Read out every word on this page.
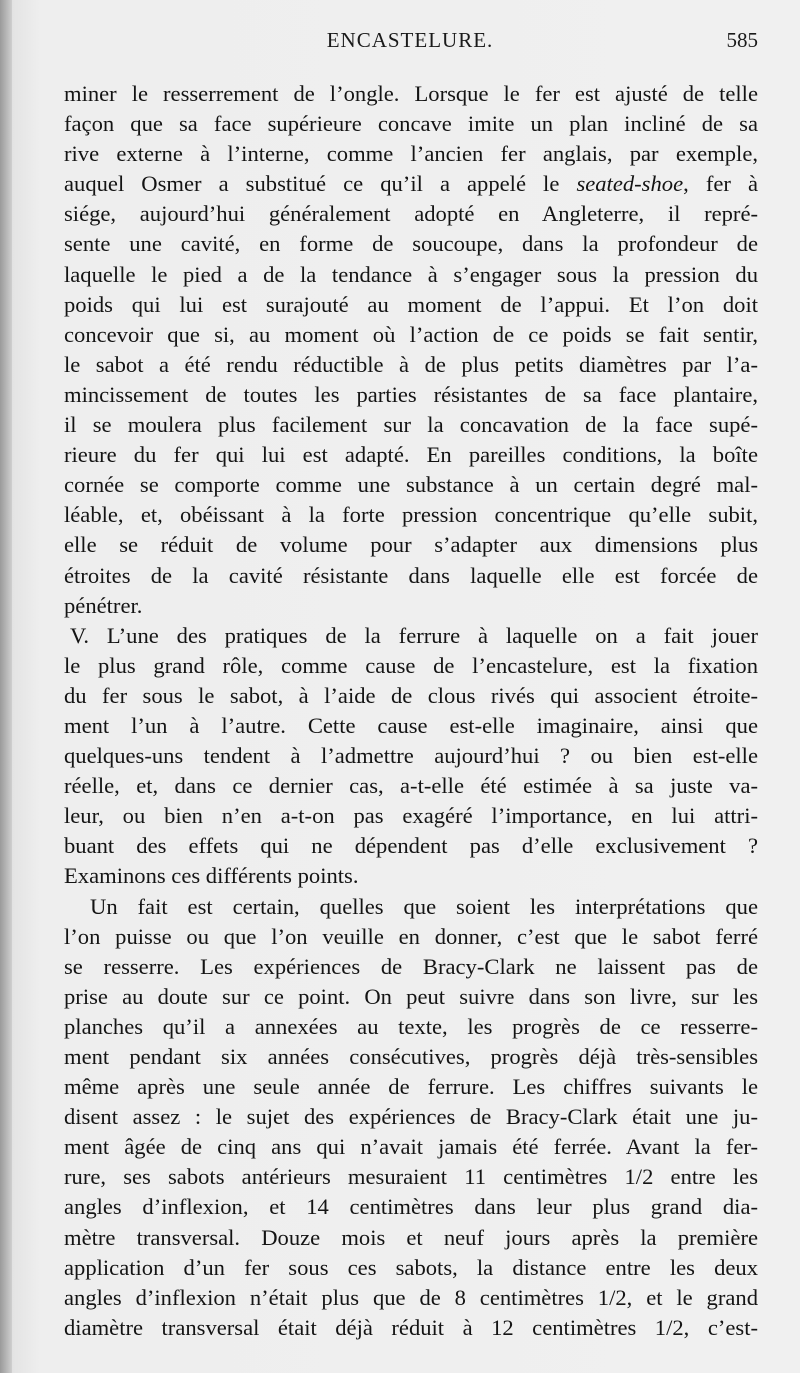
ENCASTELURE.	585
miner le resserrement de l’ongle. Lorsque le fer est ajusté de telle
façon que sa face supérieure concave imite un plan incliné de sa
rive externe à l’interne, comme l’ancien fer anglais, par exemple,
auquel Osmer a substitué ce qu’il a appelé le seated-shoe, fer à
siége, aujourd’hui généralement adopté en Angleterre, il repré-
sente une cavité, en forme de soucoupe, dans la profondeur de
laquelle le pied a de la tendance à s’engager sous la pression du
poids qui lui est surajouté au moment de l’appui. Et l’on doit
concevoir que si, au moment où l’action de ce poids se fait sentir,
le sabot a été rendu réductible à de plus petits diamètres par l’a-
mincissement de toutes les parties résistantes de sa face plantaire,
il se moulera plus facilement sur la concavation de la face supé-
rieure du fer qui lui est adapté. En pareilles conditions, la boîte
cornée se comporte comme une substance à un certain degré mal-
léable, et, obéissant à la forte pression concentrique qu’elle subit,
elle se réduit de volume pour s’adapter aux dimensions plus
étroites de la cavité résistante dans laquelle elle est forcée de
pénétrer.
V. L’une des pratiques de la ferrure à laquelle on a fait jouer
le plus grand rôle, comme cause de l’encastelure, est la fixation
du fer sous le sabot, à l’aide de clous rivés qui associent étroite-
ment l’un à l’autre. Cette cause est-elle imaginaire, ainsi que
quelques-uns tendent à l’admettre aujourd’hui ? ou bien est-elle
réelle, et, dans ce dernier cas, a-t-elle été estimée à sa juste va-
leur, ou bien n’en a-t-on pas exagéré l’importance, en lui attri-
buant des effets qui ne dépendent pas d’elle exclusivement ?
Examinons ces différents points.
Un fait est certain, quelles que soient les interprétations que
l’on puisse ou que l’on veuille en donner, c’est que le sabot ferré
se resserre. Les expériences de Bracy-Clark ne laissent pas de
prise au doute sur ce point. On peut suivre dans son livre, sur les
planches qu’il a annexées au texte, les progrès de ce resserre-
ment pendant six années consécutives, progrès déjà très-sensibles
même après une seule année de ferrure. Les chiffres suivants le
disent assez : le sujet des expériences de Bracy-Clark était une ju-
ment âgée de cinq ans qui n’avait jamais été ferrée. Avant la fer-
rure, ses sabots antérieurs mesuraient 11 centimètres 1/2 entre les
angles d’inflexion, et 14 centimètres dans leur plus grand dia-
mètre transversal. Douze mois et neuf jours après la première
application d’un fer sous ces sabots, la distance entre les deux
angles d’inflexion n’était plus que de 8 centimètres 1/2, et le grand
diamètre transversal était déjà réduit à 12 centimètres 1/2, c’est-
